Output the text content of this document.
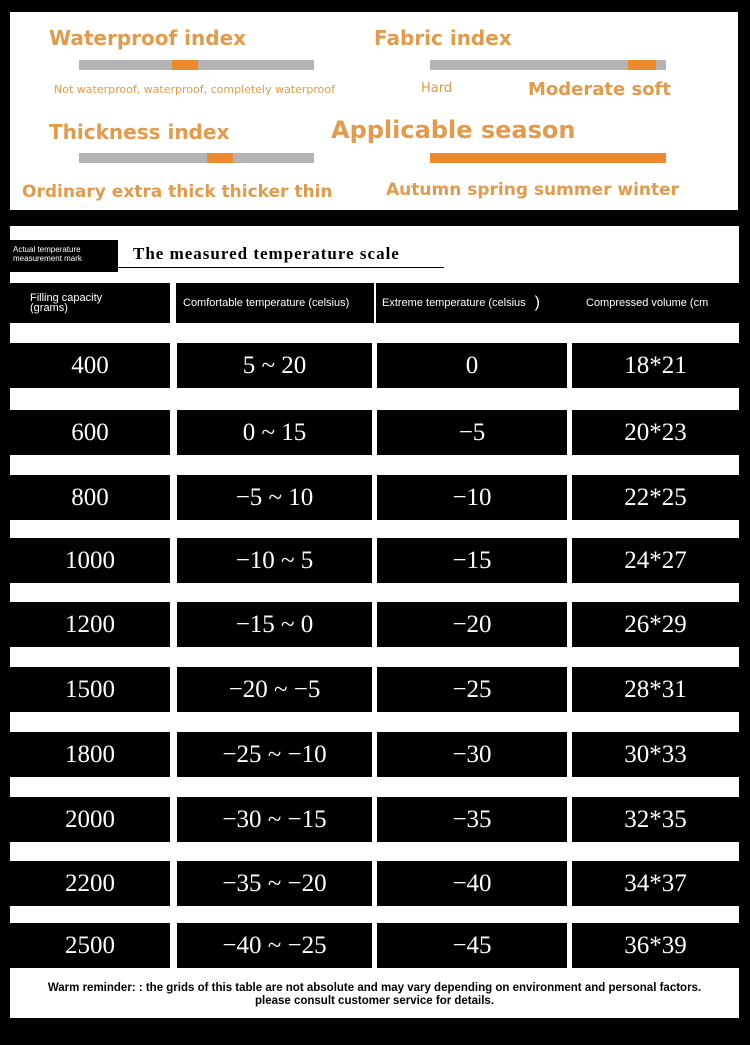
Waterproof index
Not waterproof, waterproof, completely waterproof
Fabric index
Hard	Moderate soft
Thickness index
Ordinary extra thick thicker thin
Applicable season
Autumn spring summer winter
Actual temperature measurement mark	The measured temperature scale
Filling capacity (grams)	Comfortable temperature (celsius)	Extreme temperature (celsius )	Compressed volume (cm
400	5 ~ 20	0	18*21
600	0 ~ 15	−5	20*23
800	−5 ~ 10	−10	22*25
1000	−10 ~ 5	−15	24*27
1200	−15 ~ 0	−20	26*29
1500	−20 ~ −5	−25	28*31
1800	−25 ~ −10	−30	30*33
2000	−30 ~ −15	−35	32*35
2200	−35 ~ −20	−40	34*37
2500	−40 ~ −25	−45	36*39
Warm reminder: : the grids of this table are not absolute and may vary depending on environment and personal factors.
please consult customer service for details.
